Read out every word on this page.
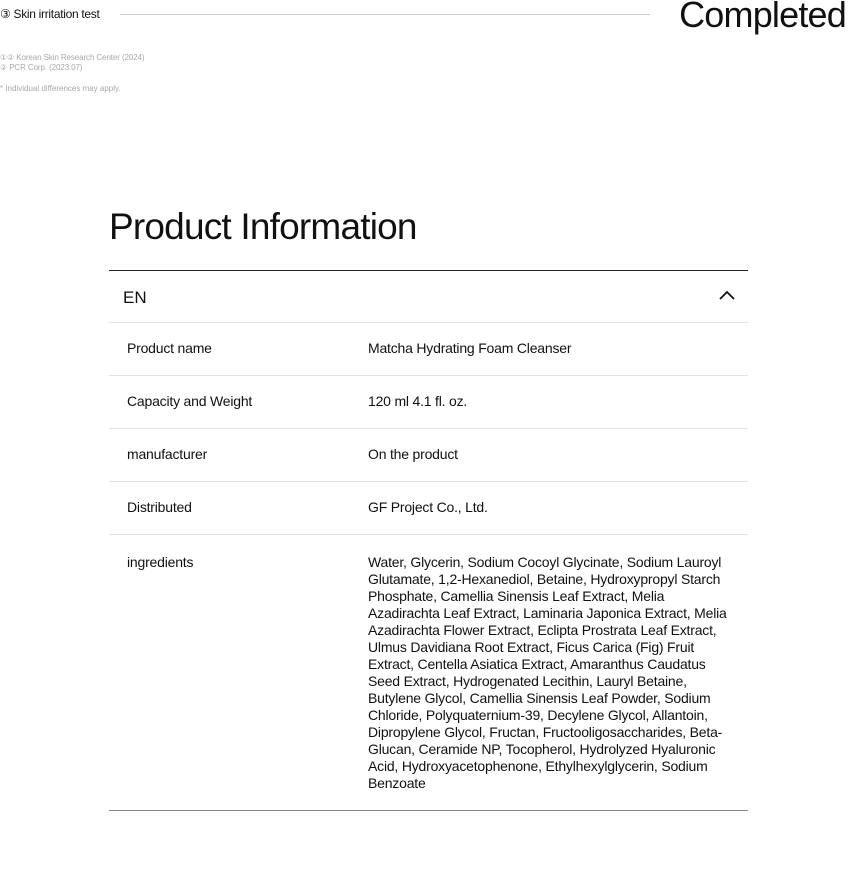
③ Skin irritation test	Completed
①② Korean Skin Research Center (2024)
② PCR Corp. (2023.07)
* Individual differences may apply.
Product Information
EN
Product name	Matcha Hydrating Foam Cleanser
Capacity and Weight	120 ml 4.1 fl. oz.
manufacturer	On the product
Distributed	GF Project Co., Ltd.
ingredients	Water, Glycerin, Sodium Cocoyl Glycinate, Sodium Lauroyl Glutamate, 1,2-Hexanediol, Betaine, Hydroxypropyl Starch Phosphate, Camellia Sinensis Leaf Extract, Melia Azadirachta Leaf Extract, Laminaria Japonica Extract, Melia Azadirachta Flower Extract, Eclipta Prostrata Leaf Extract, Ulmus Davidiana Root Extract, Ficus Carica (Fig) Fruit Extract, Centella Asiatica Extract, Amaranthus Caudatus Seed Extract, Hydrogenated Lecithin, Lauryl Betaine, Butylene Glycol, Camellia Sinensis Leaf Powder, Sodium Chloride, Polyquaternium-39, Decylene Glycol, Allantoin, Dipropylene Glycol, Fructan, Fructooligosaccharides, Beta-Glucan, Ceramide NP, Tocopherol, Hydrolyzed Hyaluronic Acid, Hydroxyacetophenone, Ethylhexylglycerin, Sodium Benzoate
